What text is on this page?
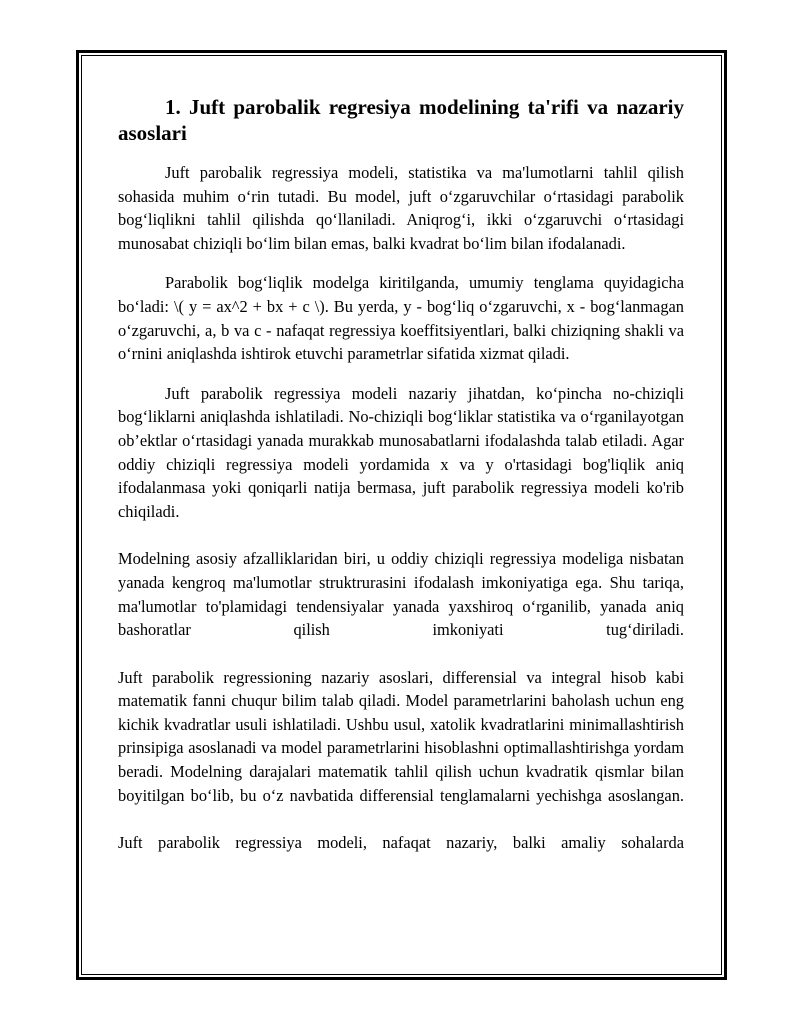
1. Juft parobalik regresiya modelining ta'rifi va nazariy asoslari

Juft parobalik regressiya modeli, statistika va ma'lumotlarni tahlil qilish sohasida muhim o‘rin tutadi. Bu model, juft o‘zgaruvchilar o‘rtasidagi parabolik bog‘liqlikni tahlil qilishda qo‘llaniladi. Aniqrog‘i, ikki o‘zgaruvchi o‘rtasidagi munosabat chiziqli bo‘lim bilan emas, balki kvadrat bo‘lim bilan ifodalanadi.

Parabolik bog‘liqlik modelga kiritilganda, umumiy tenglama quyidagicha bo‘ladi: \( y = ax^2 + bx + c \). Bu yerda, y - bog‘liq o‘zgaruvchi, x - bog‘lanmagan o‘zgaruvchi, a, b va c - nafaqat regressiya koeffitsiyentlari, balki chiziqning shakli va o‘rnini aniqlashda ishtirok etuvchi parametrlar sifatida xizmat qiladi.

Juft parabolik regressiya modeli nazariy jihatdan, ko‘pincha no-chiziqli bog‘liklarni aniqlashda ishlatiladi. No-chiziqli bog‘liklar statistika va o‘rganilayotgan ob’ektlar o‘rtasidagi yanada murakkab munosabatlarni ifodalashda talab etiladi. Agar oddiy chiziqli regressiya modeli yordamida x va y o'rtasidagi bog'liqlik aniq ifodalanmasa yoki qoniqarli natija bermasa, juft parabolik regressiya modeli ko'rib chiqiladi.

Modelning asosiy afzalliklaridan biri, u oddiy chiziqli regressiya modeliga nisbatan yanada kengroq ma'lumotlar struktrurasini ifodalash imkoniyatiga ega. Shu tariqa, ma'lumotlar to'plamidagi tendensiyalar yanada yaxshiroq o‘rganilib, yanada aniq bashoratlar qilish imkoniyati tug‘diriladi.

Juft parabolik regressioning nazariy asoslari, differensial va integral hisob kabi matematik fanni chuqur bilim talab qiladi. Model parametrlarini baholash uchun eng kichik kvadratlar usuli ishlatiladi. Ushbu usul, xatolik kvadratlarini minimallashtirish prinsipiga asoslanadi va model parametrlarini hisoblashni optimallashtirishga yordam beradi. Modelning darajalari matematik tahlil qilish uchun kvadratik qismlar bilan boyitilgan bo‘lib, bu o‘z navbatida differensial tenglamalarni yechishga asoslangan.

Juft parabolik regressiya modeli, nafaqat nazariy, balki amaliy sohalarda
